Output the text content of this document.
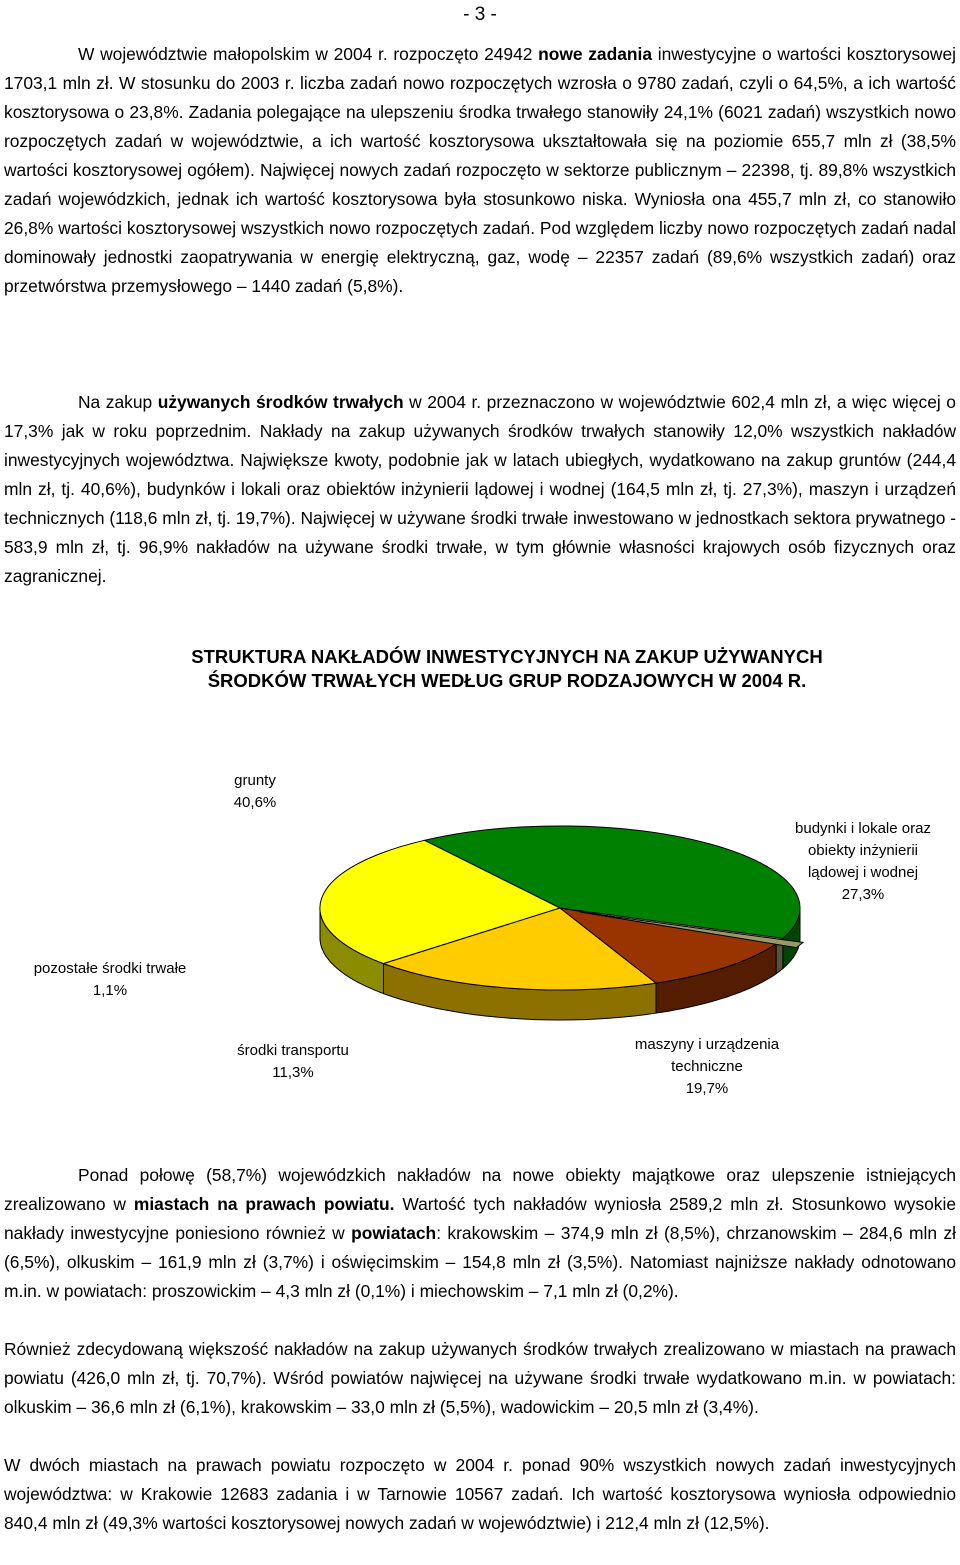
- 3 -

W województwie małopolskim w 2004 r. rozpoczęto 24942 nowe zadania inwestycyjne o wartości kosztorysowej 1703,1 mln zł. W stosunku do 2003 r. liczba zadań nowo rozpoczętych wzrosła o 9780 zadań, czyli o 64,5%, a ich wartość kosztorysowa o 23,8%. Zadania polegające na ulepszeniu środka trwałego stanowiły 24,1% (6021 zadań) wszystkich nowo rozpoczętych zadań w województwie, a ich wartość kosztorysowa ukształtowała się na poziomie 655,7 mln zł (38,5% wartości kosztorysowej ogółem). Najwięcej nowych zadań rozpoczęto w sektorze publicznym – 22398, tj. 89,8% wszystkich zadań wojewódzkich, jednak ich wartość kosztorysowa była stosunkowo niska. Wyniosła ona 455,7 mln zł, co stanowiło 26,8% wartości kosztorysowej wszystkich nowo rozpoczętych zadań. Pod względem liczby nowo rozpoczętych zadań nadal dominowały jednostki zaopatrywania w energię elektryczną, gaz, wodę – 22357 zadań (89,6% wszystkich zadań) oraz przetwórstwa przemysłowego – 1440 zadań (5,8%).

Na zakup używanych środków trwałych w 2004 r. przeznaczono w województwie 602,4 mln zł, a więc więcej o 17,3% jak w roku poprzednim. Nakłady na zakup używanych środków trwałych stanowiły 12,0% wszystkich nakładów inwestycyjnych województwa. Największe kwoty, podobnie jak w latach ubiegłych, wydatkowano na zakup gruntów (244,4 mln zł, tj. 40,6%), budynków i lokali oraz obiektów inżynierii lądowej i wodnej (164,5 mln zł, tj. 27,3%), maszyn i urządzeń technicznych (118,6 mln zł, tj. 19,7%). Najwięcej w używane środki trwałe inwestowano w jednostkach sektora prywatnego - 583,9 mln zł, tj. 96,9% nakładów na używane środki trwałe, w tym głównie własności krajowych osób fizycznych oraz zagranicznej.

STRUKTURA NAKŁADÓW INWESTYCYJNYCH NA ZAKUP UŻYWANYCH
ŚRODKÓW TRWAŁYCH WEDŁUG GRUP RODZAJOWYCH W 2004 R.
grunty
40,6%
budynki i lokale oraz
obiekty inżynierii
lądowej i wodnej
27,3%
pozostałe środki trwałe
1,1%
środki transportu
11,3%
maszyny i urządzenia
techniczne
19,7%

Ponad połowę (58,7%) wojewódzkich nakładów na nowe obiekty majątkowe oraz ulepszenie istniejących zrealizowano w miastach na prawach powiatu. Wartość tych nakładów wyniosła 2589,2 mln zł. Stosunkowo wysokie nakłady inwestycyjne poniesiono również w powiatach: krakowskim – 374,9 mln zł (8,5%), chrzanowskim – 284,6 mln zł (6,5%), olkuskim – 161,9 mln zł (3,7%) i oświęcimskim – 154,8 mln zł (3,5%). Natomiast najniższe nakłady odnotowano m.in. w powiatach: proszowickim – 4,3 mln zł (0,1%) i miechowskim – 7,1 mln zł (0,2%).

Również zdecydowaną większość nakładów na zakup używanych środków trwałych zrealizowano w miastach na prawach powiatu (426,0 mln zł, tj. 70,7%). Wśród powiatów najwięcej na używane środki trwałe wydatkowano m.in. w powiatach: olkuskim – 36,6 mln zł (6,1%), krakowskim – 33,0 mln zł (5,5%), wadowickim – 20,5 mln zł (3,4%).

W dwóch miastach na prawach powiatu rozpoczęto w 2004 r. ponad 90% wszystkich nowych zadań inwestycyjnych województwa: w Krakowie 12683 zadania i w Tarnowie 10567 zadań. Ich wartość kosztorysowa wyniosła odpowiednio 840,4 mln zł (49,3% wartości kosztorysowej nowych zadań w województwie) i 212,4 mln zł (12,5%).
